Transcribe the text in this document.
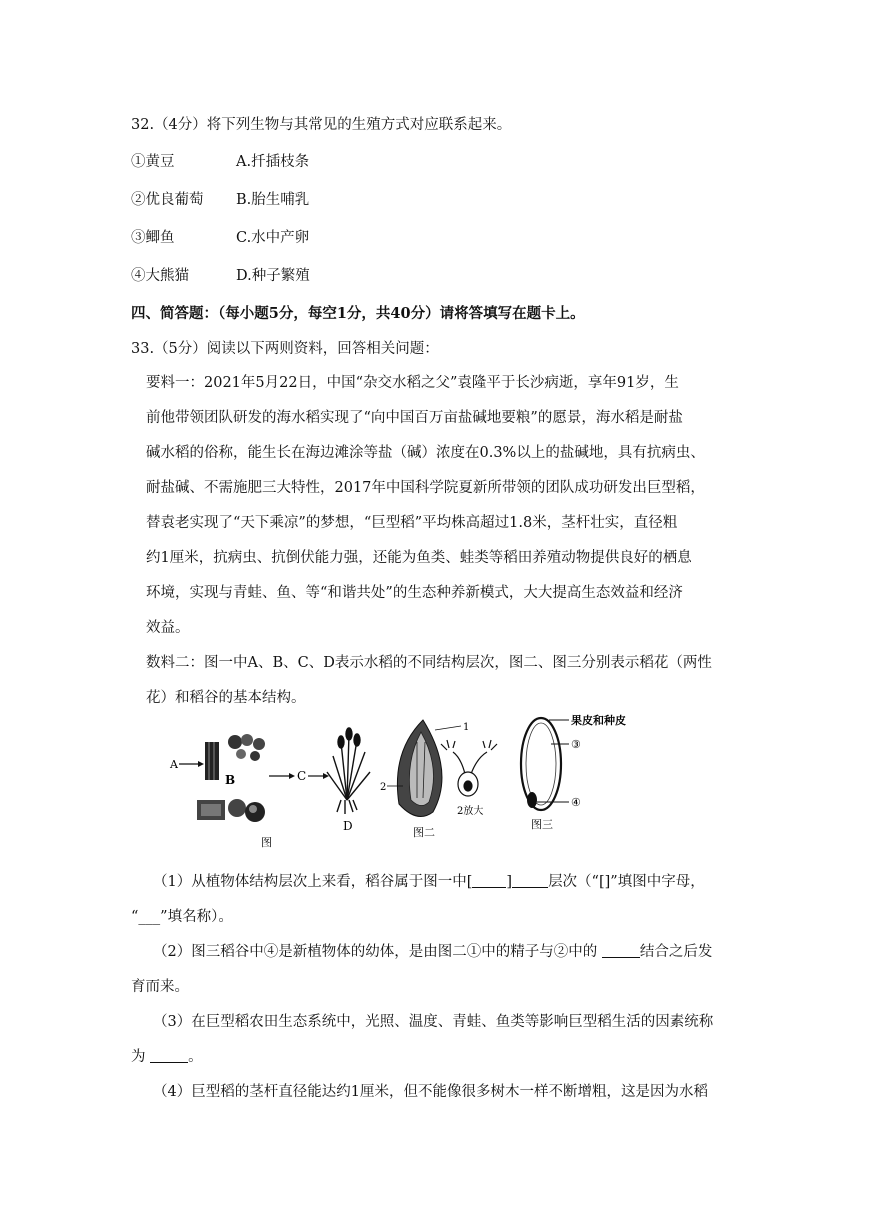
32.（4分）将下列生物与其常见的生殖方式对应联系起来。
①黄豆	A.扦插枝条
②优良葡萄 B.胎生哺乳
③鲫鱼	C.水中产卵
④大熊猫	D.种子繁殖
四、简答题：（每小题5分，每空1分，共40分）请将答填写在题卡上。
33.（5分）阅读以下两则资料，回答相关问题：
要料一：2021年5月22日，中国“杂交水稻之父”袁隆平于长沙病逝，享年91岁，生
前他带领团队研发的海水稻实现了“向中国百万亩盐碱地要粮”的愿景，海水稻是耐盐
碱水稻的俗称，能生长在海边滩涂等盐（碱）浓度在0.3%以上的盐碱地，具有抗病虫、
耐盐碱、不需施肥三大特性，2017年中国科学院夏新所带领的团队成功研发出巨型稻，
替袁老实现了“天下乘凉”的梦想，“巨型稻”平均株高超过1.8米，茎杆壮实，直径粗
约1厘米，抗病虫、抗倒伏能力强，还能为鱼类、蛙类等稻田养殖动物提供良好的栖息
环境，实现与青蛙、鱼、等“和谐共处”的生态种养新模式，大大提高生态效益和经济
效益。
数料二：图一中A、B、C、D表示水稻的不同结构层次，图二、图三分别表示稻花（两性
花）和稻谷的基本结构。
A
B	C
D
图
1
2
2放大
图二
果皮和种皮
③
④
图三
（1）从植物体结构层次上来看，稻谷属于图一中[ ] 层次（“[]”填图中字母，
“___”填名称）。
（2）图三稻谷中④是新植物体的幼体，是由图二①中的精子与②中的	结合之后发
育而来。
（3）在巨型稻农田生态系统中，光照、温度、青蛙、鱼类等影响巨型稻生活的因素统称
为	。
（4）巨型稻的茎杆直径能达约1厘米，但不能像很多树木一样不断增粗，这是因为水稻
